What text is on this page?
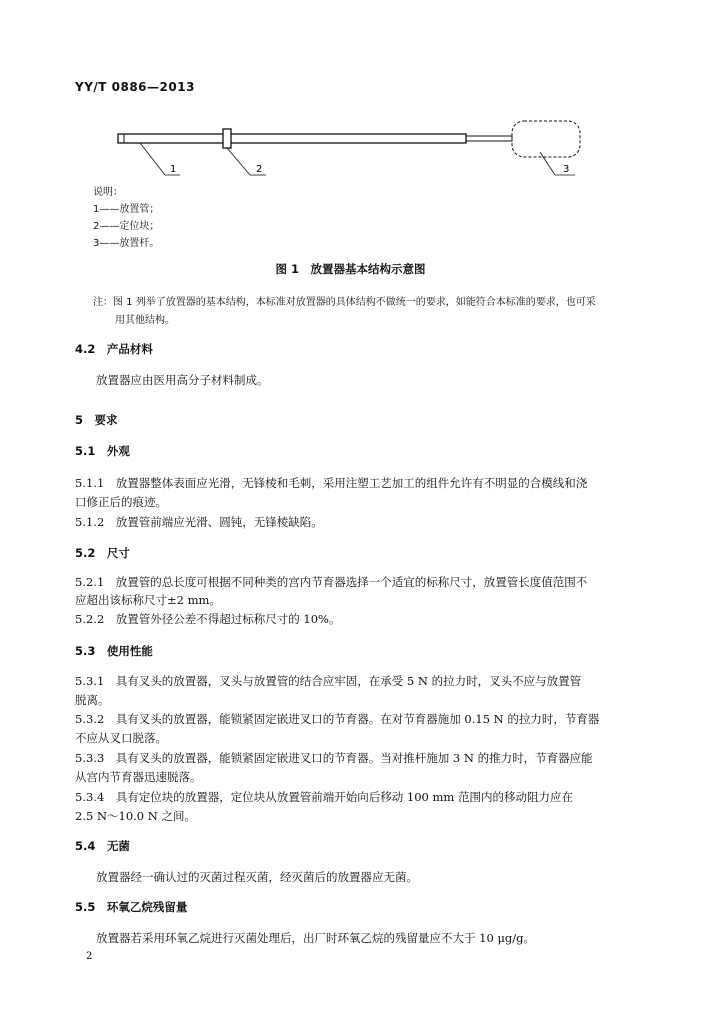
YY/T 0886—2013
1	2	3
说明：
1——放置管；
2——定位块；
3——放置杆。
图 1　放置器基本结构示意图
注：图 1 列举了放置器的基本结构，本标准对放置器的具体结构不做统一的要求，如能符合本标准的要求，也可采
用其他结构。
4.2　产品材料
放置器应由医用高分子材料制成。
5　要求
5.1　外观
5.1.1　放置器整体表面应光滑，无锋棱和毛刺，采用注塑工艺加工的组件允许有不明显的合模线和浇
口修正后的痕迹。
5.1.2　放置管前端应光滑、圆钝，无锋棱缺陷。
5.2　尺寸
5.2.1　放置管的总长度可根据不同种类的宫内节育器选择一个适宜的标称尺寸，放置管长度值范围不
应超出该标称尺寸±2 mm。
5.2.2　放置管外径公差不得超过标称尺寸的 10%。
5.3　使用性能
5.3.1　具有叉头的放置器，叉头与放置管的结合应牢固，在承受 5 N 的拉力时，叉头不应与放置管
脱离。
5.3.2　具有叉头的放置器，能锁紧固定嵌进叉口的节育器。在对节育器施加 0.15 N 的拉力时，节育器
不应从叉口脱落。
5.3.3　具有叉头的放置器，能锁紧固定嵌进叉口的节育器。当对推杆施加 3 N 的推力时，节育器应能
从宫内节育器迅速脱落。
5.3.4　具有定位块的放置器，定位块从放置管前端开始向后移动 100 mm 范围内的移动阻力应在
2.5 N～10.0 N 之间。
5.4　无菌
放置器经一确认过的灭菌过程灭菌，经灭菌后的放置器应无菌。
5.5　环氧乙烷残留量
放置器若采用环氧乙烷进行灭菌处理后，出厂时环氧乙烷的残留量应不大于 10 μg/g。
2
